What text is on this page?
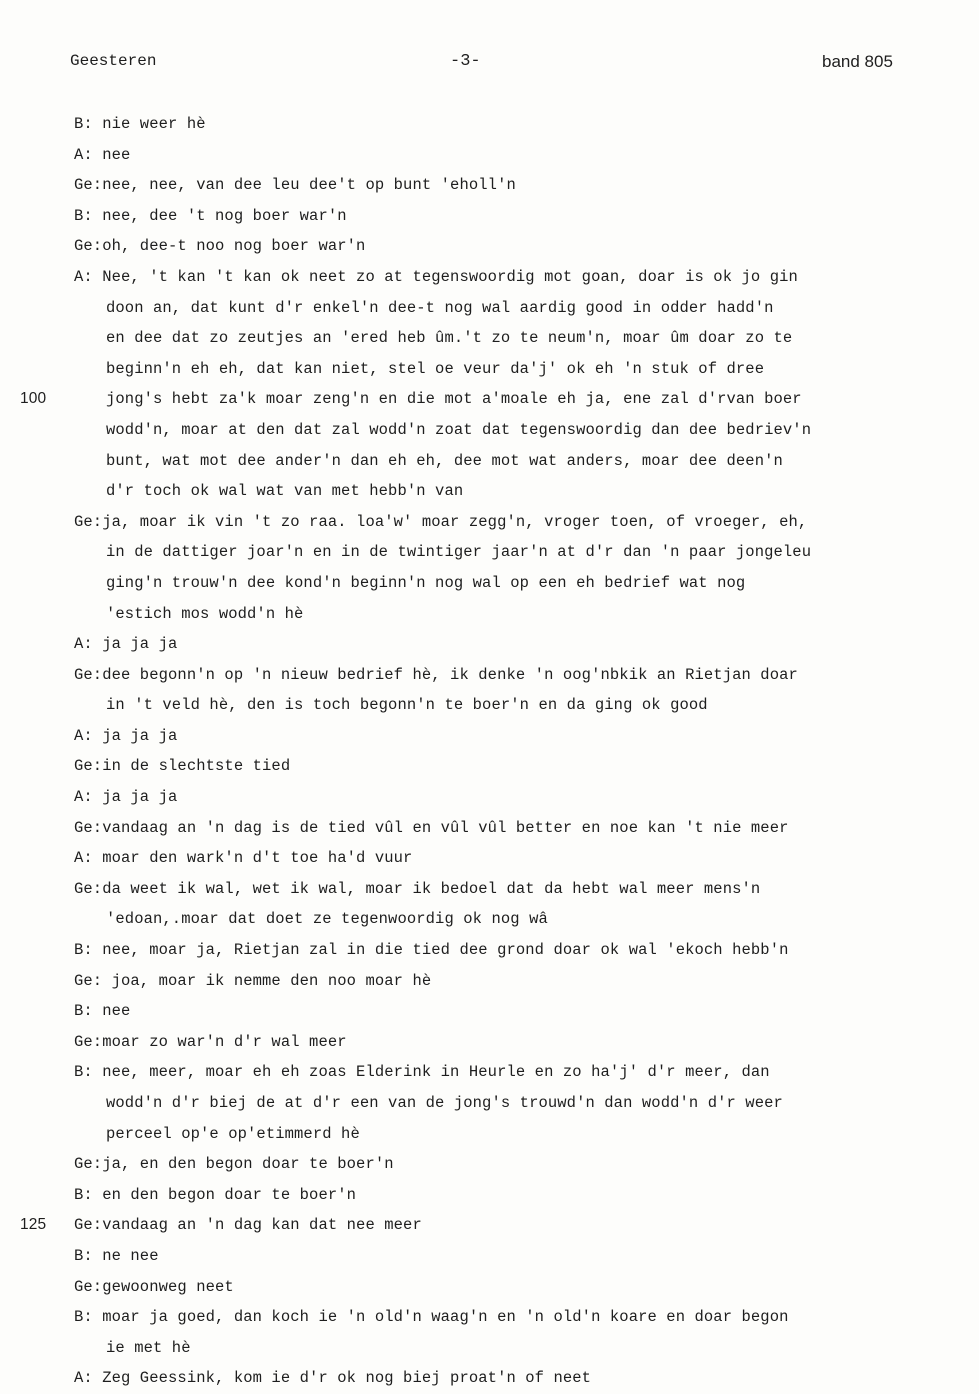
Geesteren	-3-	band 805
B: nie weer hè
A: nee
Ge:nee, nee, van dee leu dee't op bunt 'eholl'n
B: nee, dee 't nog boer war'n
Ge:oh, dee-t noo nog boer war'n
A: Nee, 't kan 't kan ok neet zo at tegenswoordig mot goan, doar is ok jo gin
doon an, dat kunt d'r enkel'n dee-t nog wal aardig good in odder hadd'n
en dee dat zo zeutjes an 'ered heb ûm.'t zo te neum'n, moar ûm doar zo te
beginn'n eh eh, dat kan niet, stel oe veur da'j' ok eh 'n stuk of dree
100	jong's hebt za'k moar zeng'n en die mot a'moale eh ja, ene zal d'rvan boer
wodd'n, moar at den dat zal wodd'n zoat dat tegenswoordig dan dee bedriev'n
bunt, wat mot dee ander'n dan eh eh, dee mot wat anders, moar dee deen'n
d'r toch ok wal wat van met hebb'n van
Ge:ja, moar ik vin 't zo raa. loa'w' moar zegg'n, vroger toen, of vroeger, eh,
in de dattiger joar'n en in de twintiger jaar'n at d'r dan 'n paar jongeleu
ging'n trouw'n dee kond'n beginn'n nog wal op een eh bedrief wat nog
'estich mos wodd'n hè
A: ja ja ja
Ge:dee begonn'n op 'n nieuw bedrief hè, ik denke 'n oog'nbkik an Rietjan doar
in 't veld hè, den is toch begonn'n te boer'n en da ging ok good
A: ja ja ja
Ge:in de slechtste tied
A: ja ja ja
Ge:vandaag an 'n dag is de tied vûl en vûl vûl better en noe kan 't nie meer
A: moar den wark'n d't toe ha'd vuur
Ge:da weet ik wal, wet ik wal, moar ik bedoel dat da hebt wal meer mens'n
'edoan,.moar dat doet ze tegenwoordig ok nog wâ
B: nee, moar ja, Rietjan zal in die tied dee grond doar ok wal 'ekoch hebb'n
Ge: joa, moar ik nemme den noo moar hè
B: nee
Ge:moar zo war'n d'r wal meer
B: nee, meer, moar eh eh zoas Elderink in Heurle en zo ha'j' d'r meer, dan
wodd'n d'r biej de at d'r een van de jong's trouwd'n dan wodd'n d'r weer
perceel op'e op'etimmerd hè
Ge:ja, en den begon doar te boer'n
B: en den begon doar te boer'n
125 Ge:vandaag an 'n dag kan dat nee meer
B: ne nee
Ge:gewoonweg neet
B: moar ja goed, dan koch ie 'n old'n waag'n en 'n old'n koare en doar begon
ie met hè
A: Zeg Geessink, kom ie d'r ok nog biej proat'n of neet
